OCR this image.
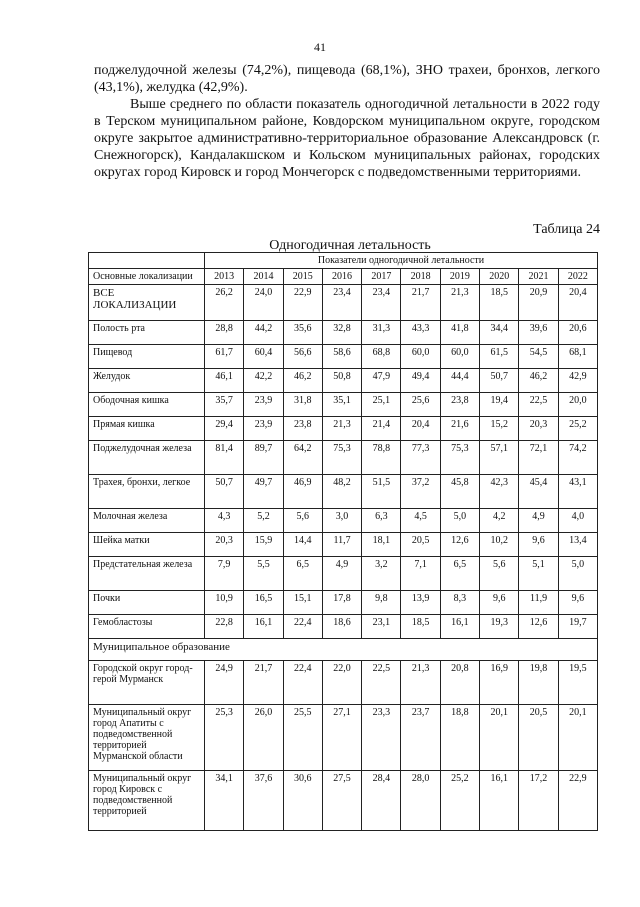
41

поджелудочной железы (74,2%), пищевода (68,1%), ЗНО трахеи, бронхов, легкого (43,1%), желудка (42,9%).

Выше среднего по области показатель одногодичной летальности в 2022 году в Терском муниципальном районе, Ковдорском муниципальном округе, городском округе закрытое административно-территориальное образование Александровск (г. Снежногорск), Кандалакшском и Кольском муниципальных районах, городских округах город Кировск и город Мончегорск с подведомственными территориями.

Таблица 24
Одногодичная летальность
	Показатели одногодичной летальности									
Основные локализации	2013	2014	2015	2016	2017	2018	2019	2020	2021	2022
ВСЕ ЛОКАЛИЗАЦИИ	26,2	24,0	22,9	23,4	23,4	21,7	21,3	18,5	20,9	20,4
Полость рта	28,8	44,2	35,6	32,8	31,3	43,3	41,8	34,4	39,6	20,6
Пищевод	61,7	60,4	56,6	58,6	68,8	60,0	60,0	61,5	54,5	68,1
Желудок	46,1	42,2	46,2	50,8	47,9	49,4	44,4	50,7	46,2	42,9
Ободочная кишка	35,7	23,9	31,8	35,1	25,1	25,6	23,8	19,4	22,5	20,0
Прямая кишка	29,4	23,9	23,8	21,3	21,4	20,4	21,6	15,2	20,3	25,2
Поджелудочная железа	81,4	89,7	64,2	75,3	78,8	77,3	75,3	57,1	72,1	74,2
Трахея, бронхи, легкое	50,7	49,7	46,9	48,2	51,5	37,2	45,8	42,3	45,4	43,1
Молочная железа	4,3	5,2	5,6	3,0	6,3	4,5	5,0	4,2	4,9	4,0
Шейка матки	20,3	15,9	14,4	11,7	18,1	20,5	12,6	10,2	9,6	13,4
Предстательная железа	7,9	5,5	6,5	4,9	3,2	7,1	6,5	5,6	5,1	5,0
Почки	10,9	16,5	15,1	17,8	9,8	13,9	8,3	9,6	11,9	9,6
Гемобластозы	22,8	16,1	22,4	18,6	23,1	18,5	16,1	19,3	12,6	19,7
Муниципальное образование										
Городской округ город-герой Мурманск	24,9	21,7	22,4	22,0	22,5	21,3	20,8	16,9	19,8	19,5
Муниципальный округ город Апатиты с подведомственной территорией Мурманской области	25,3	26,0	25,5	27,1	23,3	23,7	18,8	20,1	20,5	20,1
Муниципальный округ город Кировск с подведомственной территорией	34,1	37,6	30,6	27,5	28,4	28,0	25,2	16,1	17,2	22,9
